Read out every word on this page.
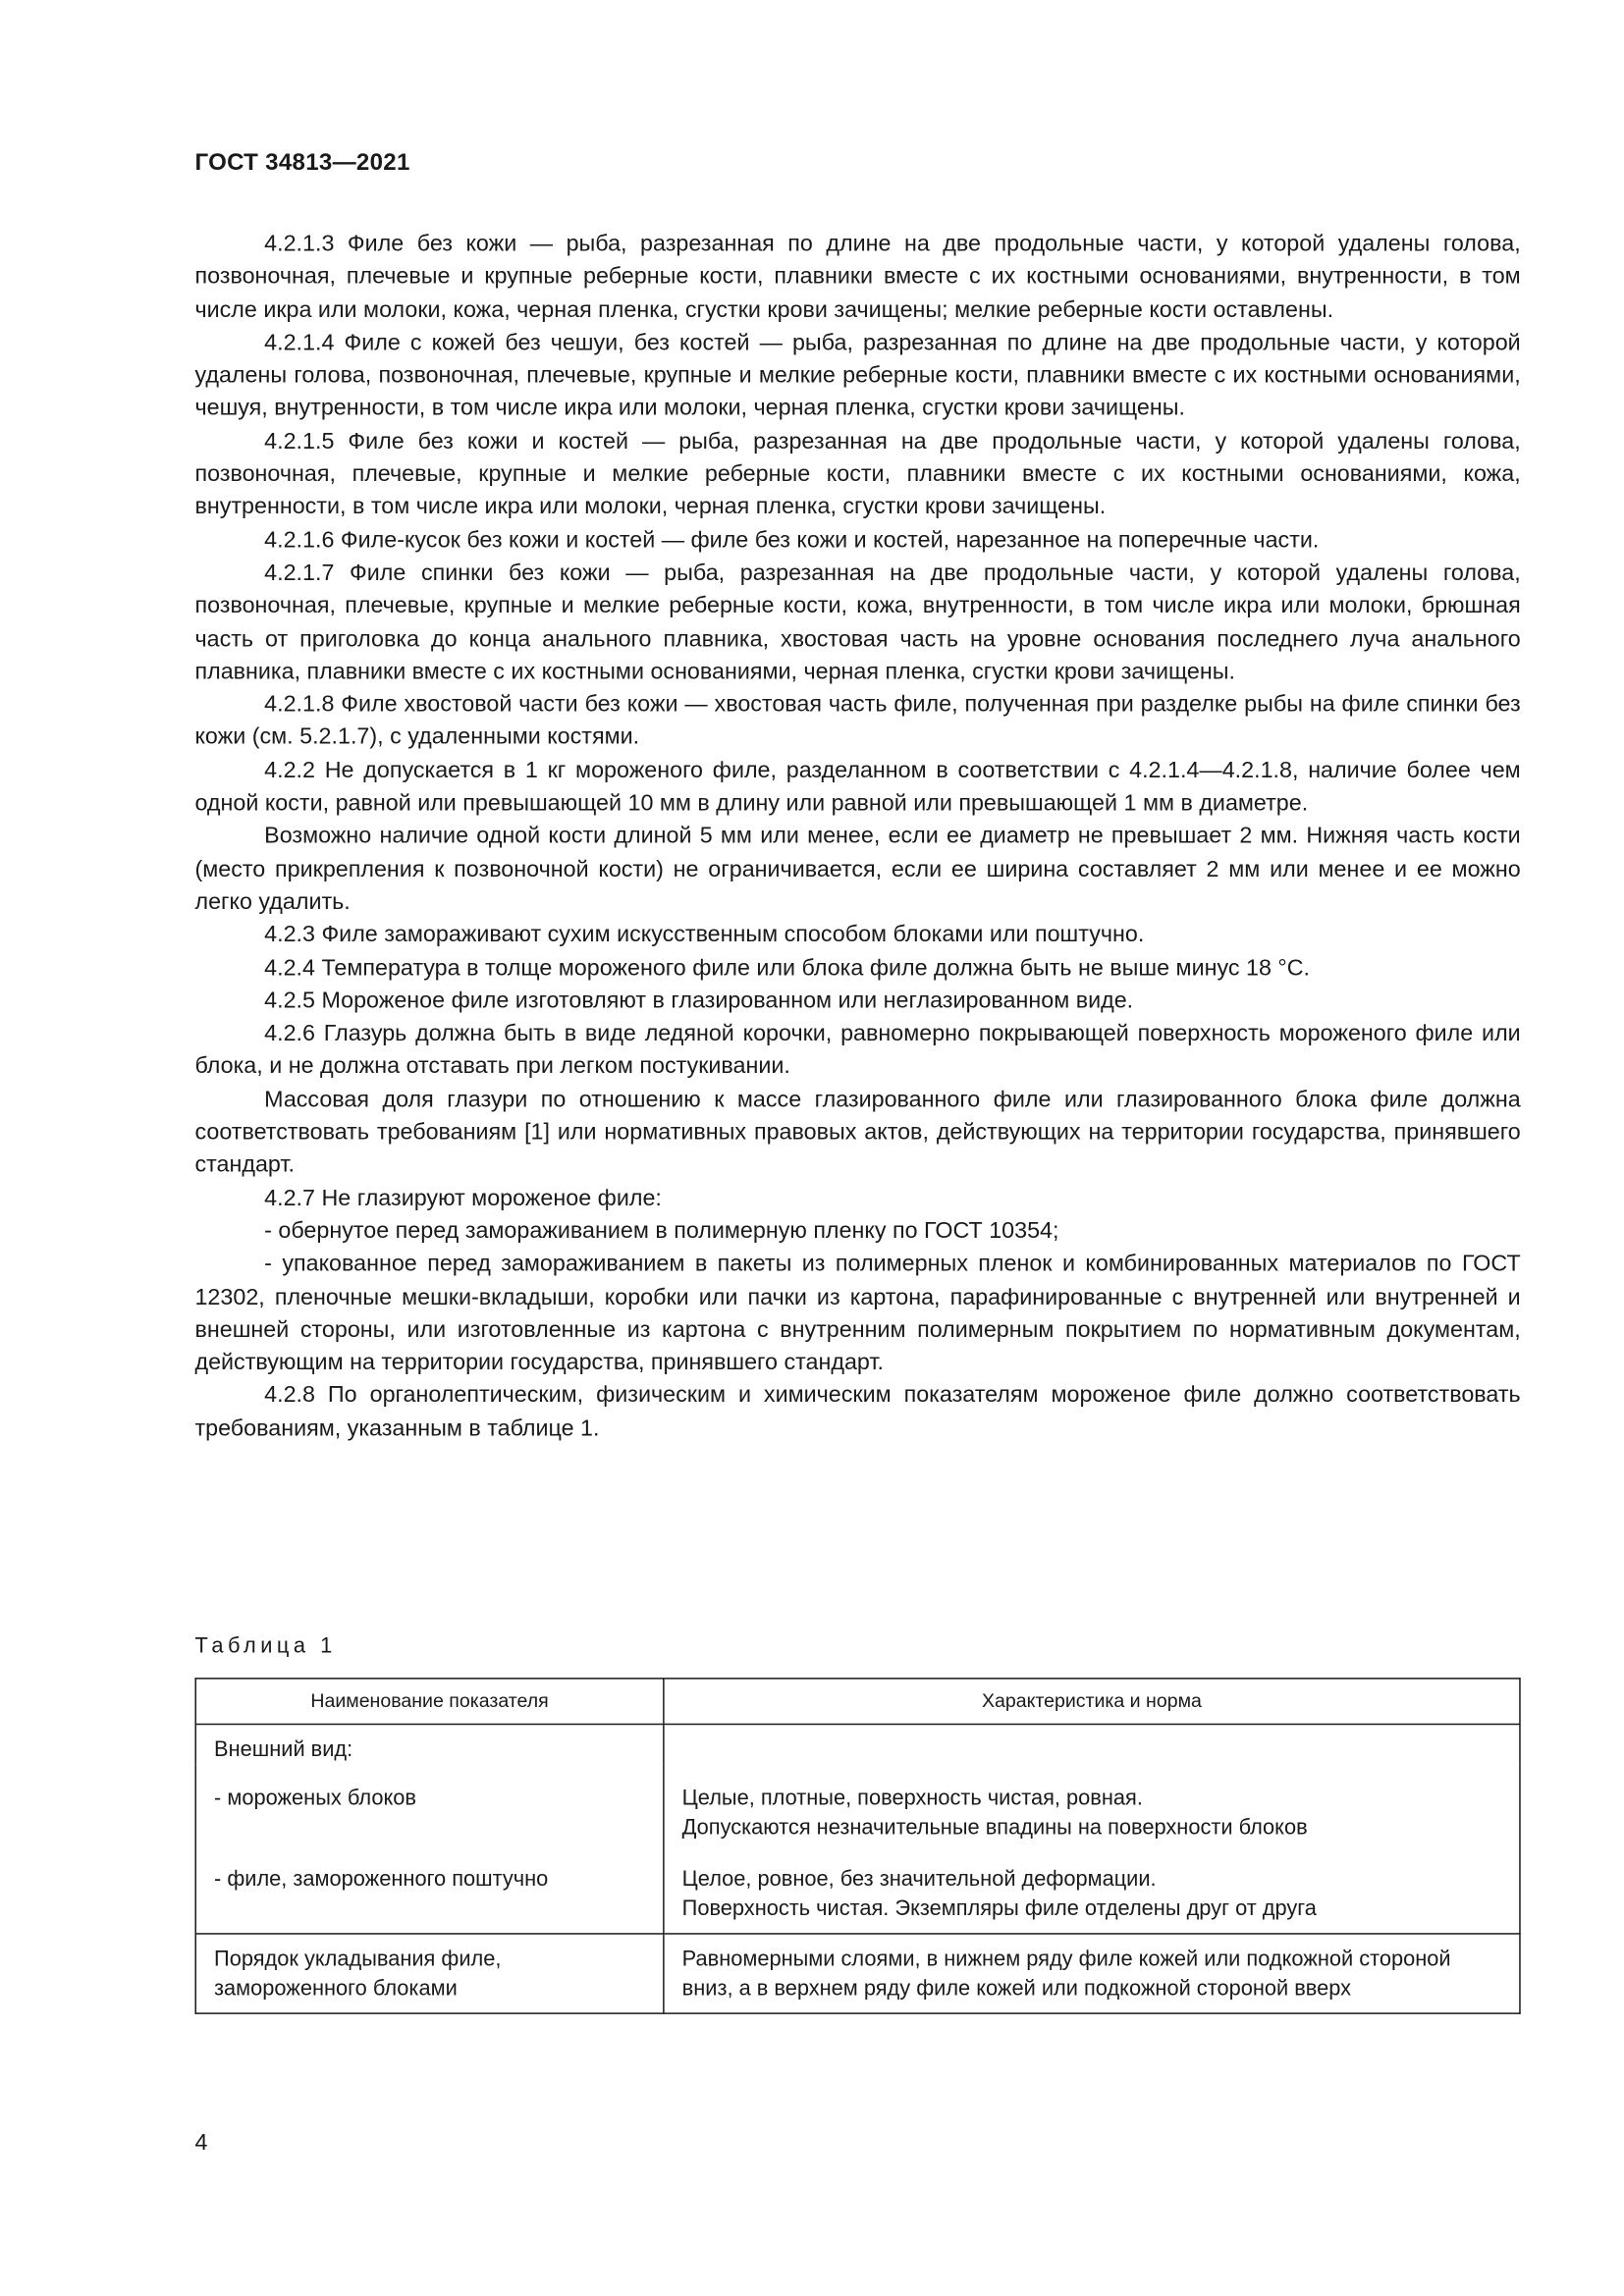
ГОСТ 34813—2021

4.2.1.3 Филе без кожи — рыба, разрезанная по длине на две продольные части, у которой удалены голова, позвоночная, плечевые и крупные реберные кости, плавники вместе с их костными основаниями, внутренности, в том числе икра или молоки, кожа, черная пленка, сгустки крови зачищены; мелкие реберные кости оставлены.

4.2.1.4 Филе с кожей без чешуи, без костей — рыба, разрезанная по длине на две продольные части, у которой удалены голова, позвоночная, плечевые, крупные и мелкие реберные кости, плавники вместе с их костными основаниями, чешуя, внутренности, в том числе икра или молоки, черная пленка, сгустки крови зачищены.

4.2.1.5 Филе без кожи и костей — рыба, разрезанная на две продольные части, у которой удалены голова, позвоночная, плечевые, крупные и мелкие реберные кости, плавники вместе с их костными основаниями, кожа, внутренности, в том числе икра или молоки, черная пленка, сгустки крови зачищены.

4.2.1.6 Филе-кусок без кожи и костей — филе без кожи и костей, нарезанное на поперечные части.

4.2.1.7 Филе спинки без кожи — рыба, разрезанная на две продольные части, у которой удалены голова, позвоночная, плечевые, крупные и мелкие реберные кости, кожа, внутренности, в том числе икра или молоки, брюшная часть от приголовка до конца анального плавника, хвостовая часть на уровне основания последнего луча анального плавника, плавники вместе с их костными основаниями, черная пленка, сгустки крови зачищены.

4.2.1.8 Филе хвостовой части без кожи — хвостовая часть филе, полученная при разделке рыбы на филе спинки без кожи (см. 5.2.1.7), с удаленными костями.

4.2.2 Не допускается в 1 кг мороженого филе, разделанном в соответствии с 4.2.1.4—4.2.1.8, наличие более чем одной кости, равной или превышающей 10 мм в длину или равной или превышающей 1 мм в диаметре.

Возможно наличие одной кости длиной 5 мм или менее, если ее диаметр не превышает 2 мм. Нижняя часть кости (место прикрепления к позвоночной кости) не ограничивается, если ее ширина составляет 2 мм или менее и ее можно легко удалить.

4.2.3 Филе замораживают сухим искусственным способом блоками или поштучно.

4.2.4 Температура в толще мороженого филе или блока филе должна быть не выше минус 18 °С.

4.2.5 Мороженое филе изготовляют в глазированном или неглазированном виде.

4.2.6 Глазурь должна быть в виде ледяной корочки, равномерно покрывающей поверхность мороженого филе или блока, и не должна отставать при легком постукивании.

Массовая доля глазури по отношению к массе глазированного филе или глазированного блока филе должна соответствовать требованиям [1] или нормативных правовых актов, действующих на территории государства, принявшего стандарт.

4.2.7 Не глазируют мороженое филе:

- обернутое перед замораживанием в полимерную пленку по ГОСТ 10354;

- упакованное перед замораживанием в пакеты из полимерных пленок и комбинированных материалов по ГОСТ 12302, пленочные мешки-вкладыши, коробки или пачки из картона, парафинированные с внутренней или внутренней и внешней стороны, или изготовленные из картона с внутренним полимерным покрытием по нормативным документам, действующим на территории государства, принявшего стандарт.

4.2.8 По органолептическим, физическим и химическим показателям мороженое филе должно соответствовать требованиям, указанным в таблице 1.

Таблица 1
Наименование показателя	Характеристика и норма
Внешний вид:	
- мороженых блоков	Целые, плотные, поверхность чистая, ровная.
Допускаются незначительные впадины на поверхности блоков

- филе, замороженного поштучно	Целое, ровное, без значительной деформации.
Поверхность чистая. Экземпляры филе отделены друг от друга

Порядок укладывания филе, замороженного блоками	Равномерными слоями, в нижнем ряду филе кожей или подкожной стороной вниз, а в верхнем ряду филе кожей или подкожной стороной вверх
4
